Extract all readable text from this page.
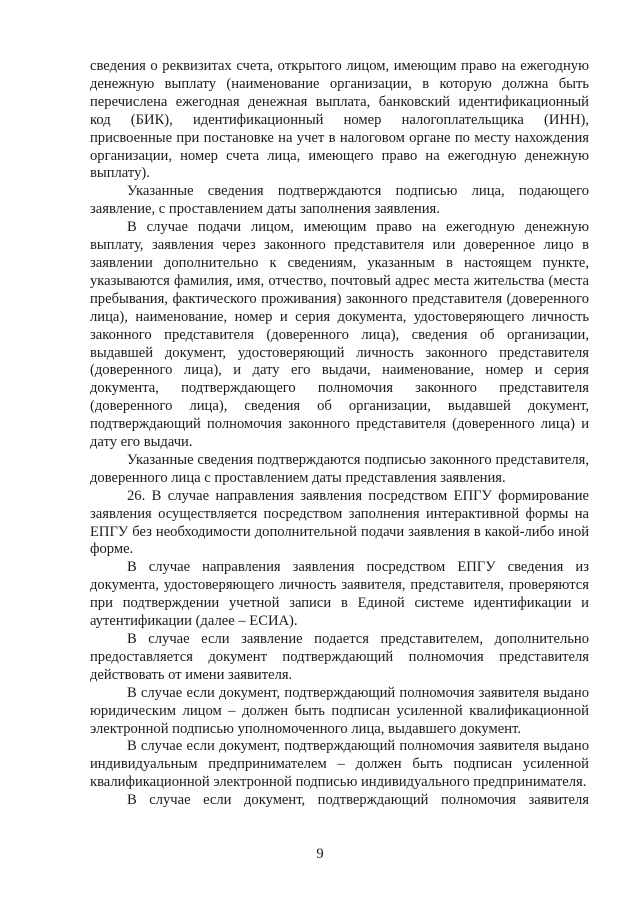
сведения о реквизитах счета, открытого лицом, имеющим право на ежегодную денежную выплату (наименование организации, в которую должна быть перечислена ежегодная денежная выплата, банковский идентификационный код (БИК), идентификационный номер налогоплательщика (ИНН), присвоенные при постановке на учет в налоговом органе по месту нахождения организации, номер счета лица, имеющего право на ежегодную денежную выплату).

Указанные сведения подтверждаются подписью лица, подающего заявление, с проставлением даты заполнения заявления.

В случае подачи лицом, имеющим право на ежегодную денежную выплату, заявления через законного представителя или доверенное лицо в заявлении дополнительно к сведениям, указанным в настоящем пункте, указываются фамилия, имя, отчество, почтовый адрес места жительства (места пребывания, фактического проживания) законного представителя (доверенного лица), наименование, номер и серия документа, удостоверяющего личность законного представителя (доверенного лица), сведения об организации, выдавшей документ, удостоверяющий личность законного представителя (доверенного лица), и дату его выдачи, наименование, номер и серия документа, подтверждающего полномочия законного представителя (доверенного лица), сведения об организации, выдавшей документ, подтверждающий полномочия законного представителя (доверенного лица) и дату его выдачи.

Указанные сведения подтверждаются подписью законного представителя, доверенного лица с проставлением даты представления заявления.

26. В случае направления заявления посредством ЕПГУ формирование заявления осуществляется посредством заполнения интерактивной формы на ЕПГУ без необходимости дополнительной подачи заявления в какой-либо иной форме.

В случае направления заявления посредством ЕПГУ сведения из документа, удостоверяющего личность заявителя, представителя, проверяются при подтверждении учетной записи в Единой системе идентификации и аутентификации (далее – ЕСИА).

В случае если заявление подается представителем, дополнительно предоставляется документ подтверждающий полномочия представителя действовать от имени заявителя.

В случае если документ, подтверждающий полномочия заявителя выдано юридическим лицом – должен быть подписан усиленной квалификационной электронной подписью уполномоченного лица, выдавшего документ.

В случае если документ, подтверждающий полномочия заявителя выдано индивидуальным предпринимателем – должен быть подписан усиленной квалификационной электронной подписью индивидуального предпринимателя.

В случае если документ, подтверждающий полномочия заявителя

9
